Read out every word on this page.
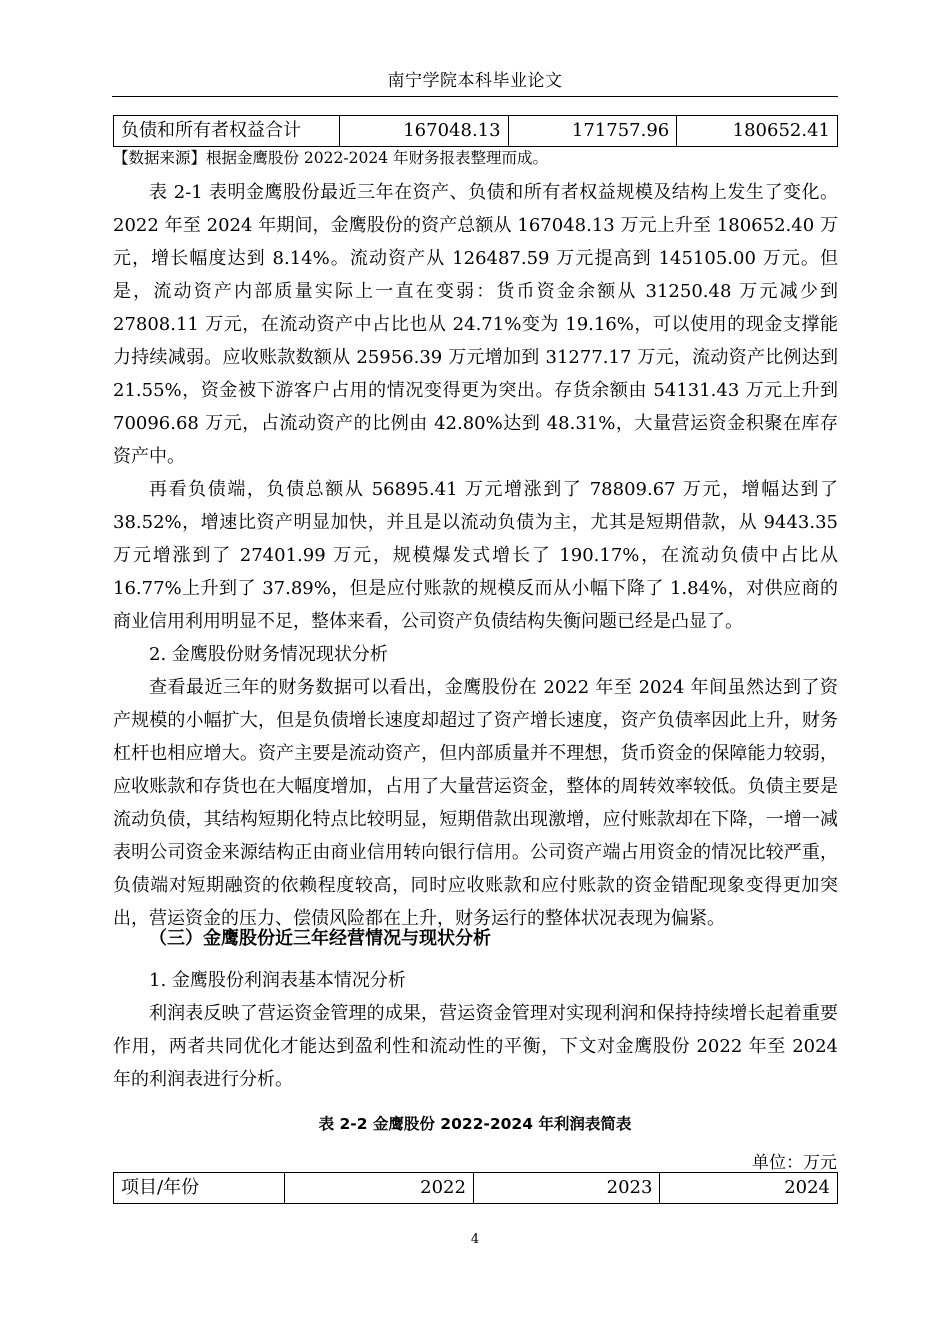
南宁学院本科毕业论文
负债和所有者权益合计	167048.13	171757.96	180652.41
【数据来源】根据金鹰股份 2022-2024 年财务报表整理而成。

表 2-1 表明金鹰股份最近三年在资产、负债和所有者权益规模及结构上发生了变化。2022 年至 2024 年期间，金鹰股份的资产总额从 167048.13 万元上升至 180652.40 万元，增长幅度达到 8.14%。流动资产从 126487.59 万元提高到 145105.00 万元。但是，流动资产内部质量实际上一直在变弱：货币资金余额从 31250.48 万元减少到 27808.11 万元，在流动资产中占比也从 24.71%变为 19.16%，可以使用的现金支撑能力持续减弱。应收账款数额从 25956.39 万元增加到 31277.17 万元，流动资产比例达到 21.55%，资金被下游客户占用的情况变得更为突出。存货余额由 54131.43 万元上升到 70096.68 万元，占流动资产的比例由 42.80%达到 48.31%，大量营运资金积聚在库存资产中。

再看负债端，负债总额从 56895.41 万元增涨到了 78809.67 万元，增幅达到了 38.52%，增速比资产明显加快，并且是以流动负债为主，尤其是短期借款，从 9443.35 万元增涨到了 27401.99 万元，规模爆发式增长了 190.17%，在流动负债中占比从 16.77%上升到了 37.89%，但是应付账款的规模反而从小幅下降了 1.84%，对供应商的商业信用利用明显不足，整体来看，公司资产负债结构失衡问题已经是凸显了。

2. 金鹰股份财务情况现状分析

查看最近三年的财务数据可以看出，金鹰股份在 2022 年至 2024 年间虽然达到了资产规模的小幅扩大，但是负债增长速度却超过了资产增长速度，资产负债率因此上升，财务杠杆也相应增大。资产主要是流动资产，但内部质量并不理想，货币资金的保障能力较弱，应收账款和存货也在大幅度增加，占用了大量营运资金，整体的周转效率较低。负债主要是流动负债，其结构短期化特点比较明显，短期借款出现激增，应付账款却在下降，一增一减表明公司资金来源结构正由商业信用转向银行信用。公司资产端占用资金的情况比较严重，负债端对短期融资的依赖程度较高，同时应收账款和应付账款的资金错配现象变得更加突出，营运资金的压力、偿债风险都在上升，财务运行的整体状况表现为偏紧。

（三）金鹰股份近三年经营情况与现状分析

1. 金鹰股份利润表基本情况分析

利润表反映了营运资金管理的成果，营运资金管理对实现利润和保持持续增长起着重要作用，两者共同优化才能达到盈利性和流动性的平衡，下文对金鹰股份 2022 年至 2024 年的利润表进行分析。

表 2-2 金鹰股份 2022-2024 年利润表简表
单位：万元
项目/年份	2022	2023	2024
4
